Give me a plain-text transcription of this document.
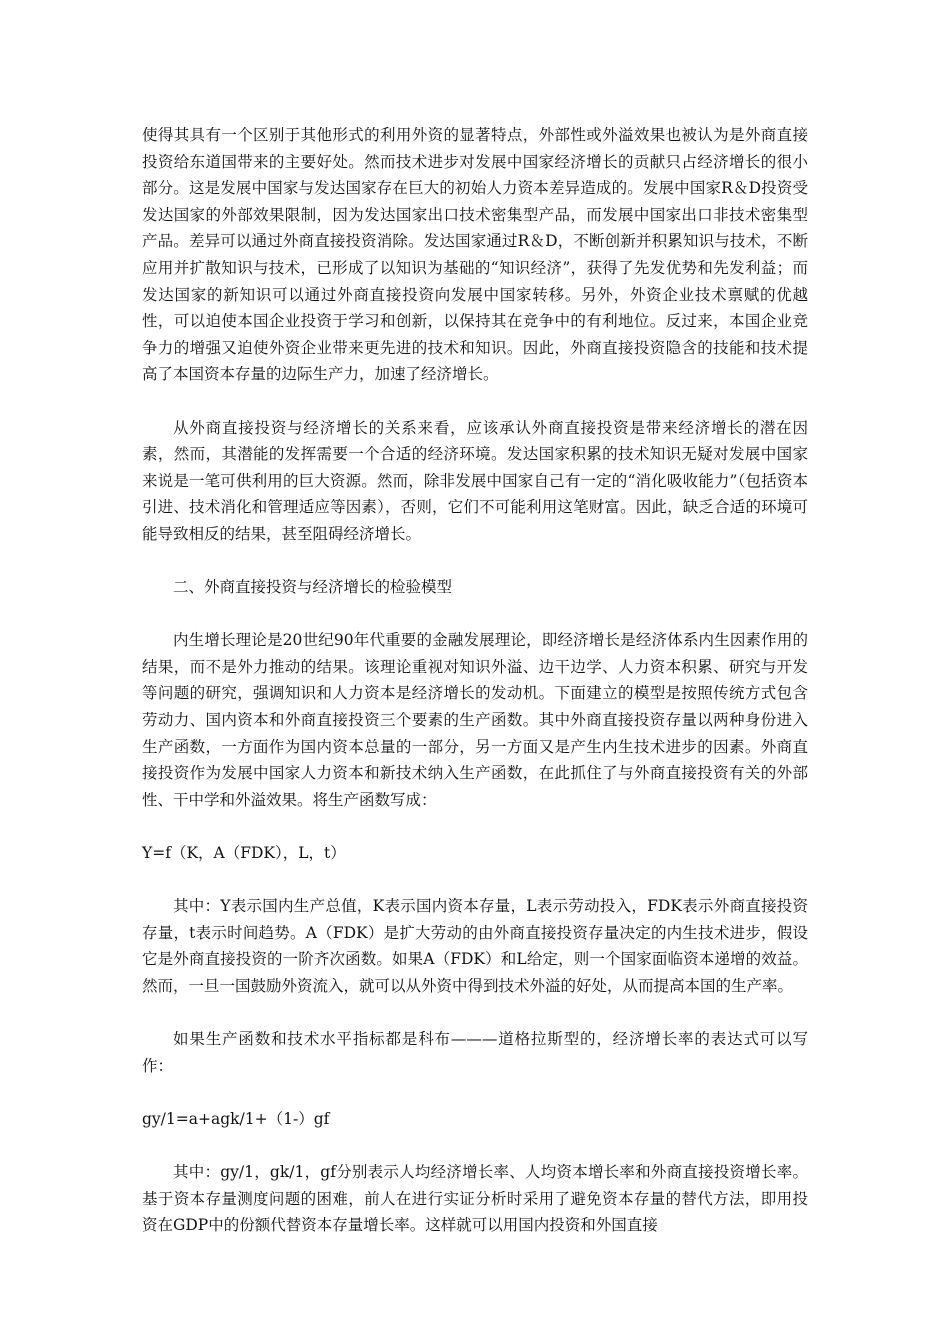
使得其具有一个区别于其他形式的利用外资的显著特点，外部性或外溢效果也被认为是外商直接投资给东道国带来的主要好处。然而技术进步对发展中国家经济增长的贡献只占经济增长的很小部分。这是发展中国家与发达国家存在巨大的初始人力资本差异造成的。发展中国家R＆D投资受发达国家的外部效果限制，因为发达国家出口技术密集型产品，而发展中国家出口非技术密集型产品。差异可以通过外商直接投资消除。发达国家通过R＆D，不断创新并积累知识与技术，不断应用并扩散知识与技术，已形成了以知识为基础的“知识经济”，获得了先发优势和先发利益；而发达国家的新知识可以通过外商直接投资向发展中国家转移。另外，外资企业技术禀赋的优越性，可以迫使本国企业投资于学习和创新，以保持其在竞争中的有利地位。反过来，本国企业竞争力的增强又迫使外资企业带来更先进的技术和知识。因此，外商直接投资隐含的技能和技术提高了本国资本存量的边际生产力，加速了经济增长。

从外商直接投资与经济增长的关系来看，应该承认外商直接投资是带来经济增长的潜在因素，然而，其潜能的发挥需要一个合适的经济环境。发达国家积累的技术知识无疑对发展中国家来说是一笔可供利用的巨大资源。然而，除非发展中国家自己有一定的“消化吸收能力”（包括资本引进、技术消化和管理适应等因素），否则，它们不可能利用这笔财富。因此，缺乏合适的环境可能导致相反的结果，甚至阻碍经济增长。

二、外商直接投资与经济增长的检验模型

内生增长理论是20世纪90年代重要的金融发展理论，即经济增长是经济体系内生因素作用的结果，而不是外力推动的结果。该理论重视对知识外溢、边干边学、人力资本积累、研究与开发等问题的研究，强调知识和人力资本是经济增长的发动机。下面建立的模型是按照传统方式包含劳动力、国内资本和外商直接投资三个要素的生产函数。其中外商直接投资存量以两种身份进入生产函数，一方面作为国内资本总量的一部分，另一方面又是产生内生技术进步的因素。外商直接投资作为发展中国家人力资本和新技术纳入生产函数，在此抓住了与外商直接投资有关的外部性、干中学和外溢效果。将生产函数写成：

Y=f（K，A（FDK），L，t）

其中：Y表示国内生产总值，K表示国内资本存量，L表示劳动投入，FDK表示外商直接投资存量，t表示时间趋势。A（FDK）是扩大劳动的由外商直接投资存量决定的内生技术进步，假设它是外商直接投资的一阶齐次函数。如果A（FDK）和L给定，则一个国家面临资本递增的效益。然而，一旦一国鼓励外资流入，就可以从外资中得到技术外溢的好处，从而提高本国的生产率。

如果生产函数和技术水平指标都是科布———道格拉斯型的，经济增长率的表达式可以写作：

gy/1=a+agk/1+（1-）gf

其中：gy/1，gk/1，gf分别表示人均经济增长率、人均资本增长率和外商直接投资增长率。基于资本存量测度问题的困难，前人在进行实证分析时采用了避免资本存量的替代方法，即用投资在GDP中的份额代替资本存量增长率。这样就可以用国内投资和外国直接
